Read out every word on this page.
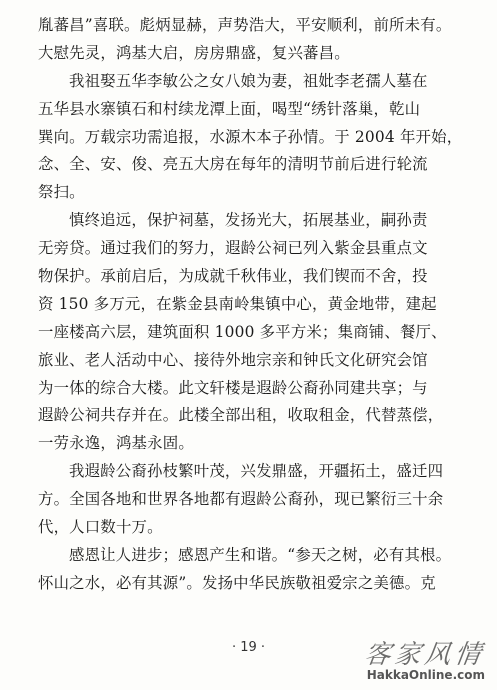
胤蕃昌”喜联。彪炳显赫，声势浩大，平安顺利，前所未有。
大慰先灵，鸿基大启，房房鼎盛，复兴蕃昌。
我祖娶五华李敏公之女八娘为妻，祖妣李老孺人墓在
五华县水寨镇石和村续龙潭上面，喝型“绣针落巢，乾山
巽向。万载宗功需追报，水源木本子孙情。于 2004 年开始，
念、全、安、俊、亮五大房在每年的清明节前后进行轮流
祭扫。
慎终追远，保护祠墓，发扬光大，拓展基业，嗣孙责
无旁贷。通过我们的努力，遐龄公祠已列入紫金县重点文
物保护。承前启后，为成就千秋伟业，我们锲而不舍，投
资 150 多万元，在紫金县南岭集镇中心，黄金地带，建起
一座楼高六层，建筑面积 1000 多平方米；集商铺、餐厅、
旅业、老人活动中心、接待外地宗亲和钟氏文化研究会馆
为一体的综合大楼。此文轩楼是遐龄公裔孙同建共享；与
遐龄公祠共存并在。此楼全部出租，收取租金，代替蒸偿，
一劳永逸，鸿基永固。
我遐龄公裔孙枝繁叶茂，兴发鼎盛，开疆拓土，盛迁四
方。全国各地和世界各地都有遐龄公裔孙，现已繁衍三十余
代，人口数十万。
感恩让人进步；感恩产生和谐。“参天之树，必有其根。
怀山之水，必有其源”。发扬中华民族敬祖爱宗之美德。克
· 19 ·	客家风情
HakkaOnline.com
